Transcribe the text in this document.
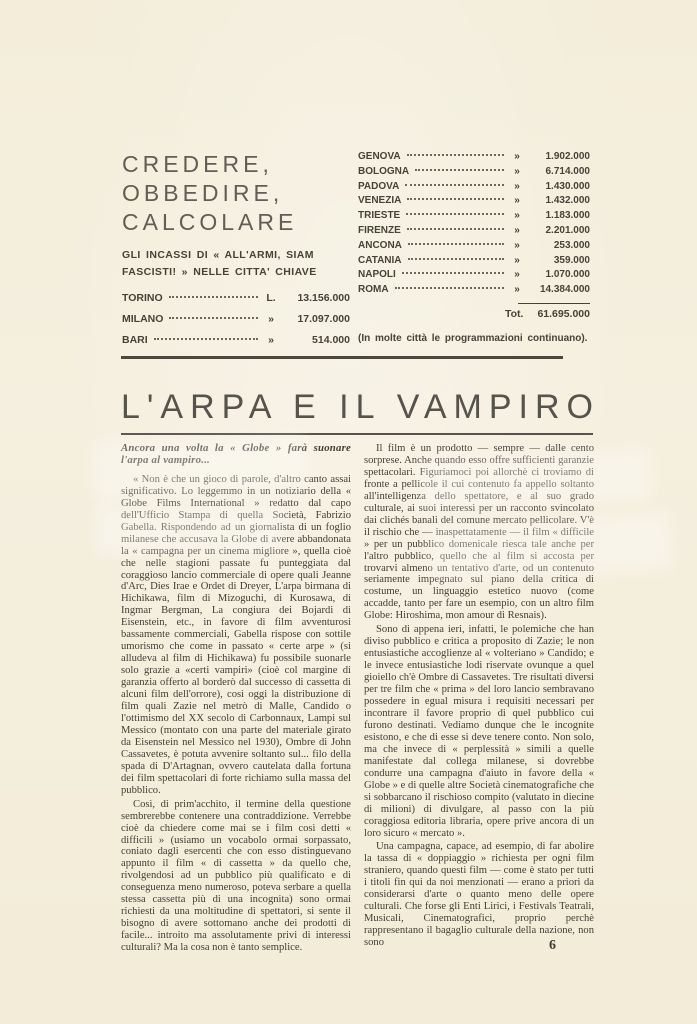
CREDERE,
OBBEDIRE,
CALCOLARE
GLI INCASSI DI « ALL'ARMI, SIAM FASCISTI! » NELLE CITTA' CHIAVE
TORINO	L.	13.156.000
MILANO	»	17.097.000
BARI	»	514.000
GENOVA	»	1.902.000
BOLOGNA	»	6.714.000
PADOVA	»	1.430.000
VENEZIA	»	1.432.000
TRIESTE	»	1.183.000
FIRENZE	»	2.201.000
ANCONA	»	253.000
CATANIA	»	359.000
NAPOLI	»	1.070.000
ROMA	»	14.384.000
Tot. 61.695.000
(In molte città le programmazioni continuano).
L'ARPA E IL VAMPIRO

Ancora una volta la « Globe » farà suonare l'arpa al vampiro...

« Non è che un gioco di parole, d'altro canto assai significativo. Lo leggemmo in un notiziario della « Globe Films International » redatto dal capo dell'Ufficio Stampa di quella Società, Fabrizio Gabella. Rispondendo ad un giornalista di un foglio milanese che accusava la Globe di avere abbandonata la « campagna per un cinema migliore », quella cioè che nelle stagioni passate fu punteggiata dal coraggioso lancio commerciale di opere quali Jeanne d'Arc, Dies Irae e Ordet di Dreyer, L'arpa birmana di Hichikawa, film di Mizoguchi, di Kurosawa, di Ingmar Bergman, La congiura dei Bojardi di Eisenstein, etc., in favore di film avventurosi bassamente commerciali, Gabella rispose con sottile umorismo che come in passato « certe arpe » (si alludeva al film di Hichikawa) fu possibile suonarle solo grazie a «certi vampiri» (cioè col margine di garanzia offerto al borderò dal successo di cassetta di alcuni film dell'orrore), così oggi la distribuzione di film quali Zazie nel metrò di Malle, Candido o l'ottimismo del XX secolo di Carbonnaux, Lampi sul Messico (montato con una parte del materiale girato da Eisenstein nel Messico nel 1930), Ombre di John Cassavetes, è potuta avvenire soltanto sul... filo della spada di D'Artagnan, ovvero cautelata dalla fortuna dei film spettacolari di forte richiamo sulla massa del pubblico.

Così, di prim'acchito, il termine della questione sembrerebbe contenere una contraddizione. Verrebbe cioè da chiedere come mai se i film così detti « difficili » (usiamo un vocabolo ormai sorpassato, coniato dagli esercenti che con esso distinguevano appunto il film « di cassetta » da quello che, rivolgendosi ad un pubblico più qualificato e di conseguenza meno numeroso, poteva serbare a quella stessa cassetta più di una incognita) sono ormai richiesti da una moltitudine di spettatori, si sente il bisogno di avere sottomano anche dei prodotti di facile... introito ma assolutamente privi di interessi culturali? Ma la cosa non è tanto semplice.

Il film è un prodotto — sempre — dalle cento sorprese. Anche quando esso offre sufficienti garanzie spettacolari. Figuriamoci poi allorchè ci troviamo di fronte a pellicole il cui contenuto fa appello soltanto all'intelligenza dello spettatore, e al suo grado culturale, ai suoi interessi per un racconto svincolato dai clichés banali del comune mercato pellicolare. V'è il rischio che — inaspettatamente — il film « difficile » per un pubblico domenicale riesca tale anche per l'altro pubblico, quello che al film si accosta per trovarvi almeno un tentativo d'arte, od un contenuto seriamente impegnato sul piano della critica di costume, un linguaggio estetico nuovo (come accadde, tanto per fare un esempio, con un altro film Globe: Hiroshima, mon amour di Resnais).

Sono di appena ieri, infatti, le polemiche che han diviso pubblico e critica a proposito di Zazie; le non entusiastiche accoglienze al « volteriano » Candido; e le invece entusiastiche lodi riservate ovunque a quel gioiello ch'è Ombre di Cassavetes. Tre risultati diversi per tre film che « prima » del loro lancio sembravano possedere in egual misura i requisiti necessari per incontrare il favore proprio di quel pubblico cui furono destinati. Vediamo dunque che le incognite esistono, e che di esse si deve tenere conto. Non solo, ma che invece di « perplessità » simili a quelle manifestate dal collega milanese, si dovrebbe condurre una campagna d'aiuto in favore della « Globe » e di quelle altre Società cinematografiche che si sobbarcano il rischioso compito (valutato in diecine di milioni) di divulgare, al passo con la più coraggiosa editoria libraria, opere prive ancora di un loro sicuro « mercato ».

Una campagna, capace, ad esempio, di far abolire la tassa di « doppiaggio » richiesta per ogni film straniero, quando questi film — come è stato per tutti i titoli fin qui da noi menzionati — erano a priori da considerarsi d'arte o quanto meno delle opere culturali. Che forse gli Enti Lirici, i Festivals Teatrali, Musicali, Cinematografici, proprio perchè rappresentano il bagaglio culturale della nazione, non sono	6
